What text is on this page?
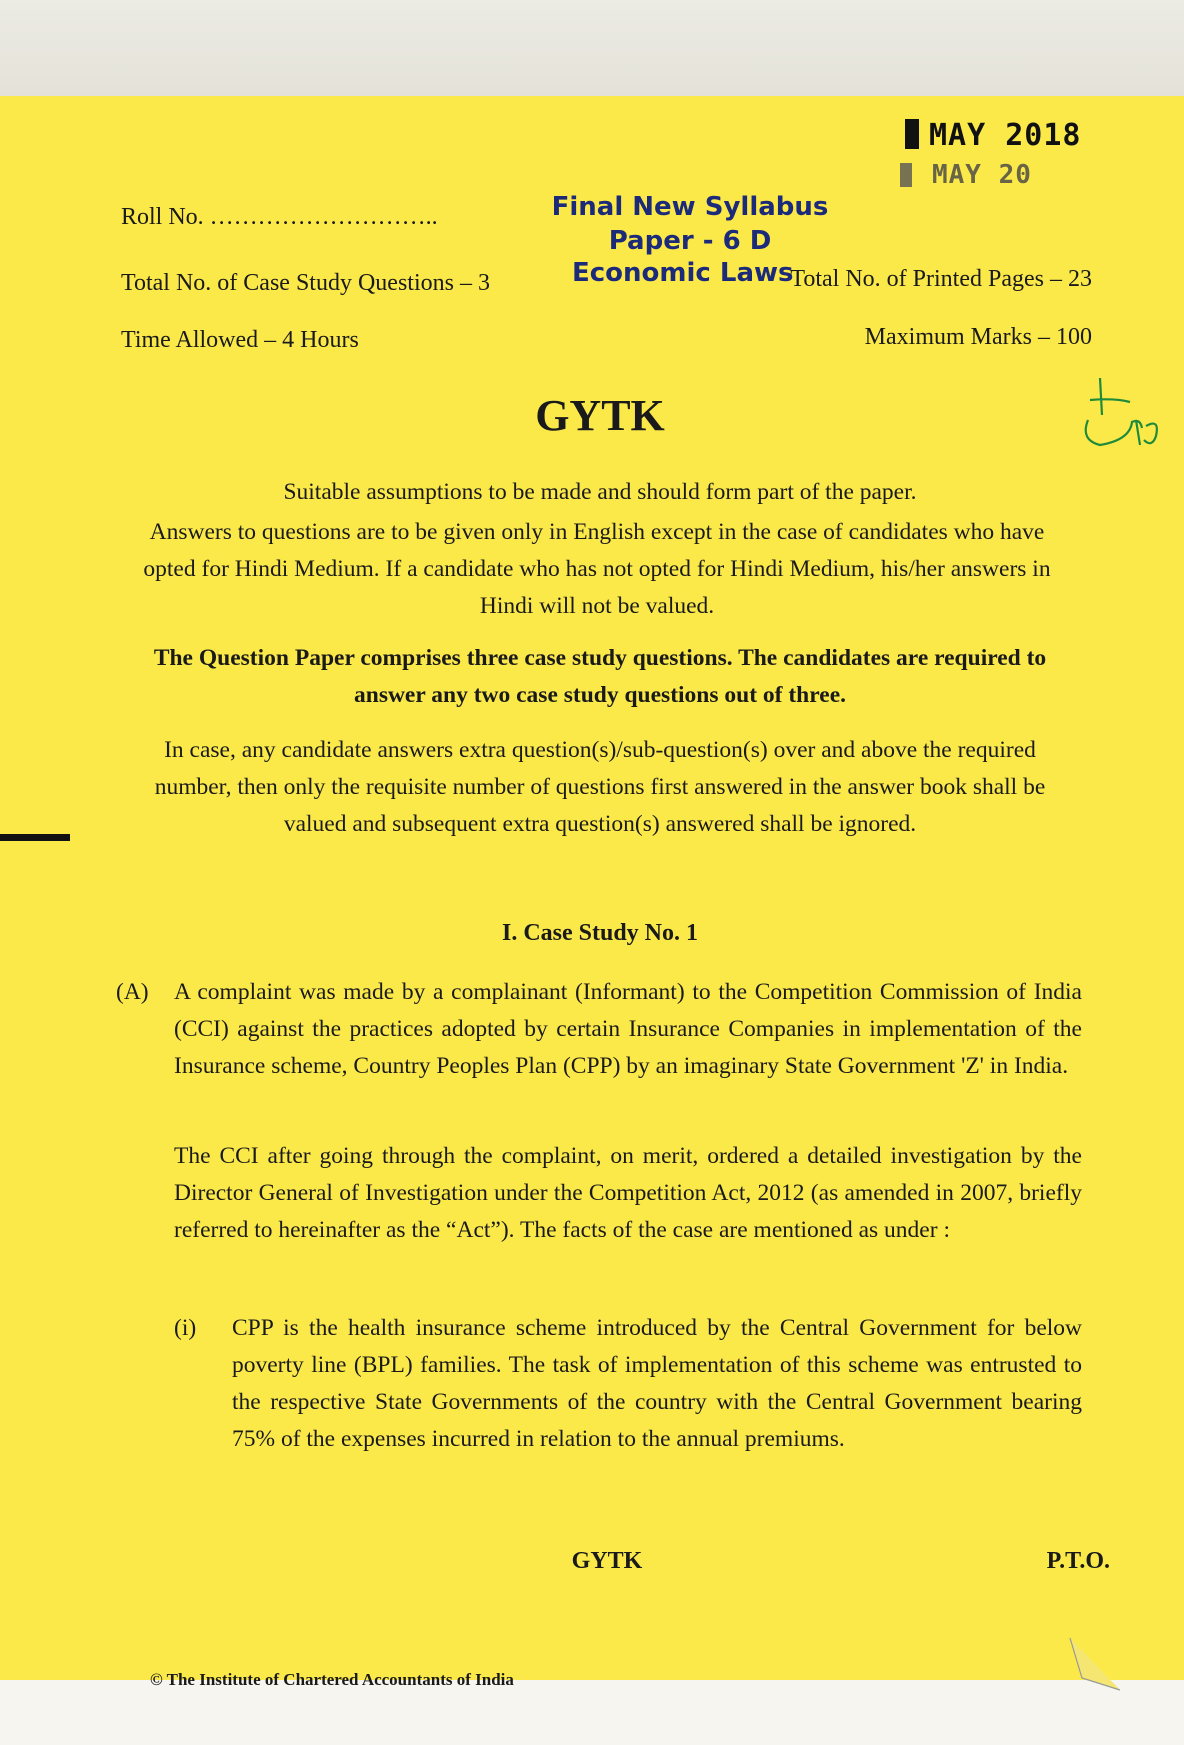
MAY 2018
MAY 20
Roll No. ………………………..	Final New Syllabus
Paper - 6 D
Economic Laws
Total No. of Case Study Questions – 3	Total No. of Printed Pages – 23
Time Allowed – 4 Hours	Maximum Marks – 100
GYTK
Suitable assumptions to be made and should form part of the paper.
Answers to questions are to be given only in English except in the case of candidates who have opted for Hindi Medium. If a candidate who has not opted for Hindi Medium, his/her answers in Hindi will not be valued.
The Question Paper comprises three case study questions. The candidates are required to answer any two case study questions out of three.
In case, any candidate answers extra question(s)/sub-question(s) over and above the required number, then only the requisite number of questions first answered in the answer book shall be valued and subsequent extra question(s) answered shall be ignored.
I. Case Study No. 1
(A) A complaint was made by a complainant (Informant) to the Competition Commission of India (CCI) against the practices adopted by certain Insurance Companies in implementation of the Insurance scheme, Country Peoples Plan (CPP) by an imaginary State Government 'Z' in India.
The CCI after going through the complaint, on merit, ordered a detailed investigation by the Director General of Investigation under the Competition Act, 2012 (as amended in 2007, briefly referred to hereinafter as the “Act”). The facts of the case are mentioned as under :
(i) CPP is the health insurance scheme introduced by the Central Government for below poverty line (BPL) families. The task of implementation of this scheme was entrusted to the respective State Governments of the country with the Central Government bearing 75% of the expenses incurred in relation to the annual premiums.
GYTK	P.T.O.
© The Institute of Chartered Accountants of India
